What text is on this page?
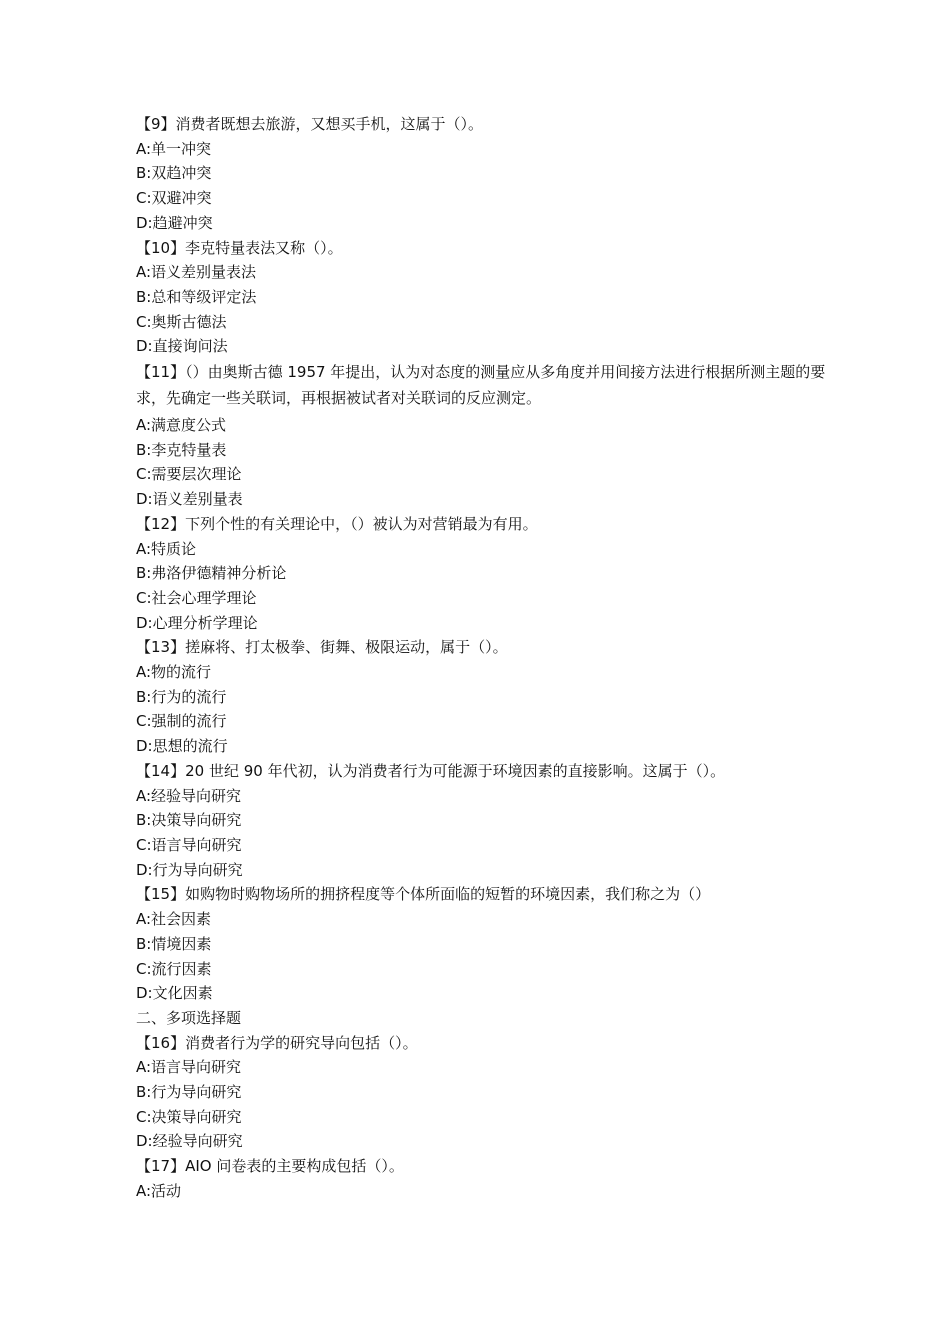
【9】消费者既想去旅游，又想买手机，这属于（）。

A:单一冲突

B:双趋冲突

C:双避冲突

D:趋避冲突

【10】李克特量表法又称（）。

A:语义差别量表法

B:总和等级评定法

C:奥斯古德法

D:直接询问法

【11】（）由奥斯古德 1957 年提出，认为对态度的测量应从多角度并用间接方法进行根据所测主题的要求，先确定一些关联词，再根据被试者对关联词的反应测定。

A:满意度公式

B:李克特量表

C:需要层次理论

D:语义差别量表

【12】下列个性的有关理论中，（）被认为对营销最为有用。

A:特质论

B:弗洛伊德精神分析论

C:社会心理学理论

D:心理分析学理论

【13】搓麻将、打太极拳、街舞、极限运动，属于（）。

A:物的流行

B:行为的流行

C:强制的流行

D:思想的流行

【14】20 世纪 90 年代初，认为消费者行为可能源于环境因素的直接影响。这属于（）。

A:经验导向研究

B:决策导向研究

C:语言导向研究

D:行为导向研究

【15】如购物时购物场所的拥挤程度等个体所面临的短暂的环境因素，我们称之为（）

A:社会因素

B:情境因素

C:流行因素

D:文化因素

二、多项选择题

【16】消费者行为学的研究导向包括（）。

A:语言导向研究

B:行为导向研究

C:决策导向研究

D:经验导向研究

【17】AIO 问卷表的主要构成包括（）。

A:活动
